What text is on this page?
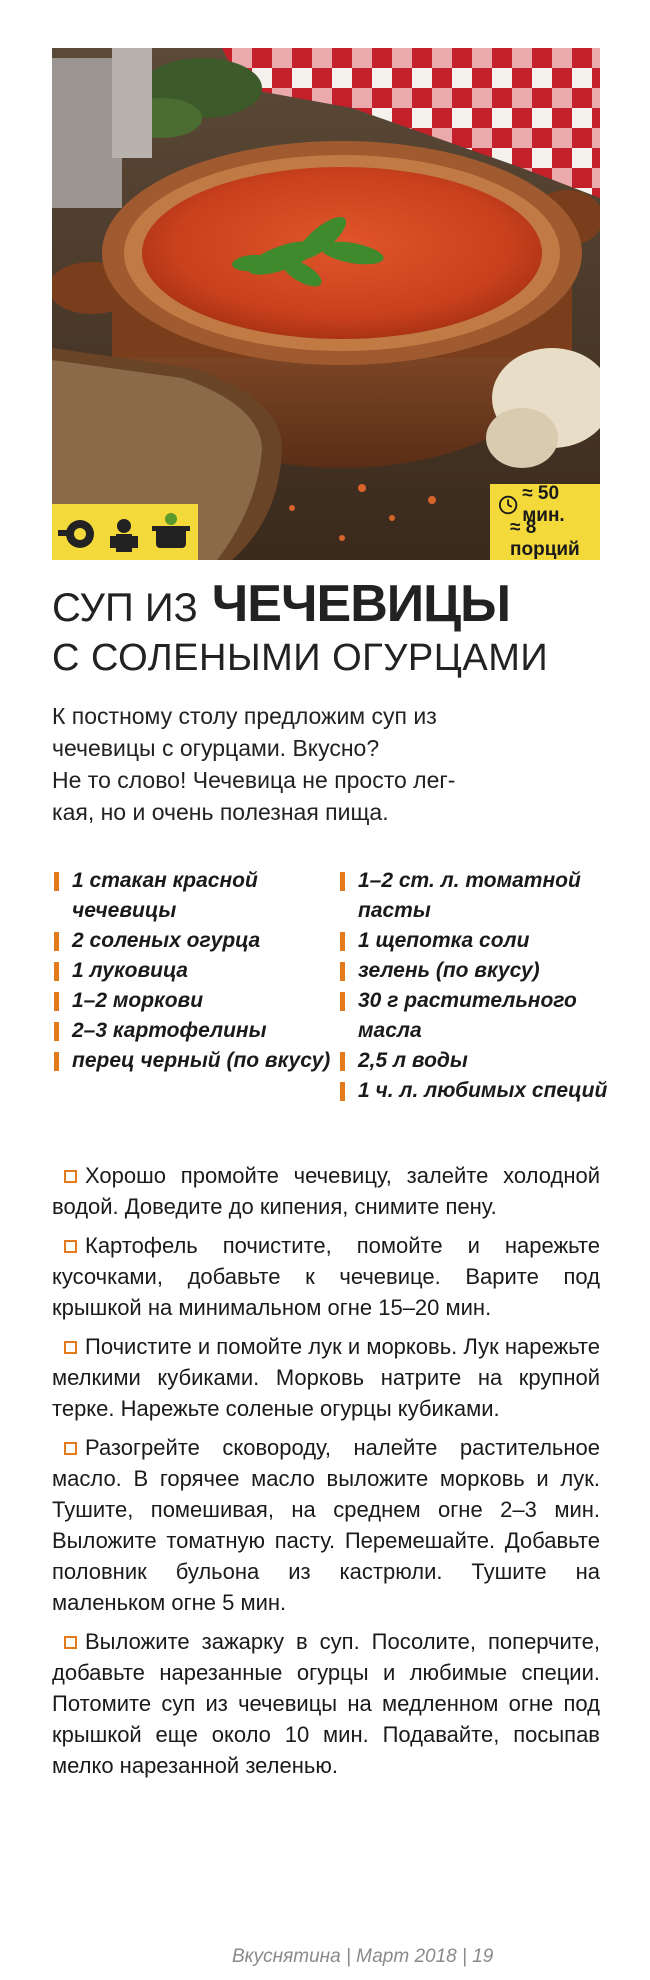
≈ 50 мин.
≈ 8 порций
СУП ИЗ ЧЕЧЕВИЦЫ
С СОЛЕНЫМИ ОГУРЦАМИ

К постному столу предложим суп из

чечевицы с огурцами. Вкусно?

Не то слово! Чечевица не просто лег-

кая, но и очень полезная пища.

1 стакан красной чечевицы

2 соленых огурца

1 луковица

1–2 моркови

2–3 картофелины

перец черный (по вкусу)

1–2 ст. л. томатной пасты

1 щепотка соли

зелень (по вкусу)

30 г растительного масла

2,5 л воды

1 ч. л. любимых специй

Хорошо промойте чечевицу, залейте холодной водой. Доведите до кипения, снимите пену.

Картофель почистите, помойте и нарежьте кусочками, добавьте к чечевице. Варите под крышкой на минимальном огне 15–20 мин.

Почистите и помойте лук и морковь. Лук нарежьте мелкими кубиками. Морковь натрите на крупной терке. Нарежьте соленые огурцы кубиками.

Разогрейте сковороду, налейте растительное масло. В горячее масло выложите морковь и лук. Тушите, помешивая, на среднем огне 2–3 мин. Выложите томатную пасту. Перемешайте. Добавьте половник бульона из кастрюли. Тушите на маленьком огне 5 мин.

Выложите зажарку в суп. Посолите, поперчите, добавьте нарезанные огурцы и любимые специи. Потомите суп из чечевицы на медленном огне под крышкой еще около 10 мин. Подавайте, посыпав мелко нарезанной зеленью.

Вкуснятина | Март 2018 | 19
